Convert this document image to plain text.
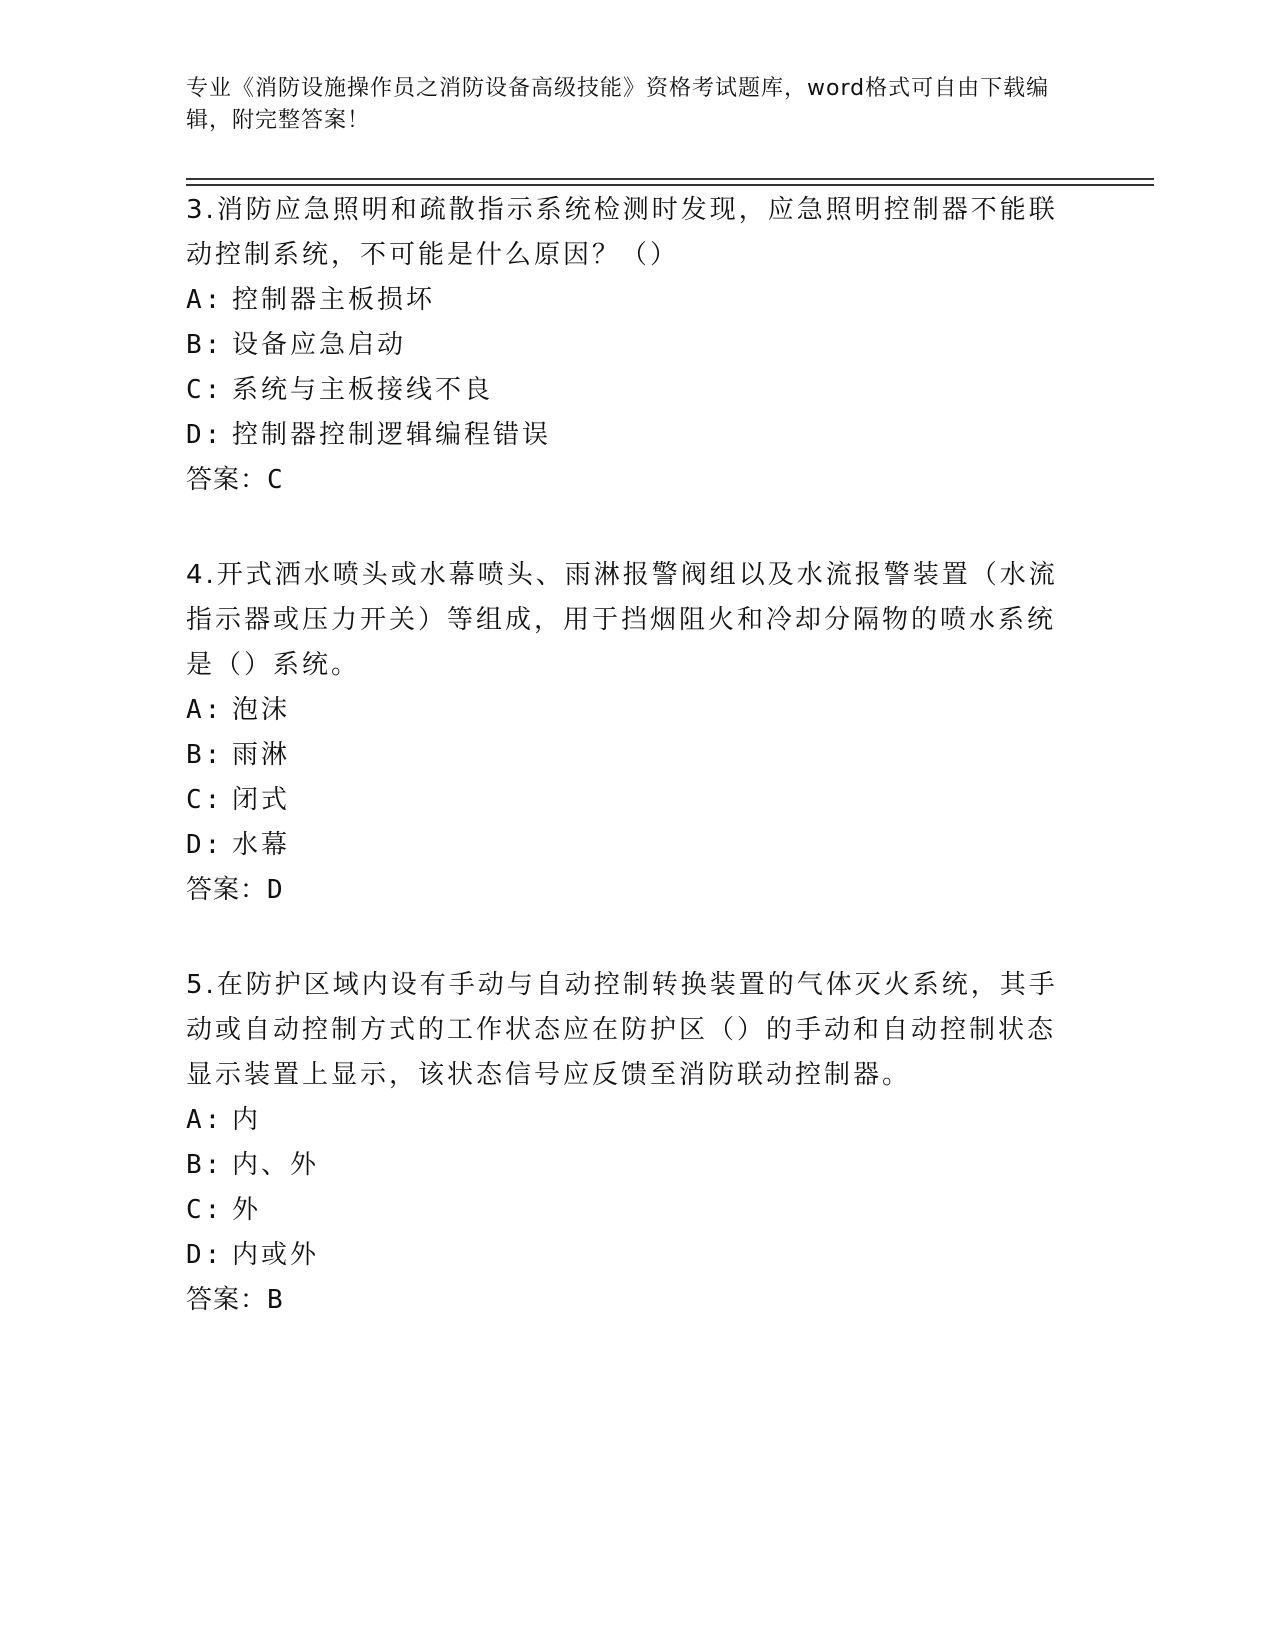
专业《消防设施操作员之消防设备高级技能》资格考试题库，word格式可自由下载编辑，附完整答案！

3.消防应急照明和疏散指示系统检测时发现，应急照明控制器不能联动控制系统，不可能是什么原因？（）

A: 控制器主板损坏
B: 设备应急启动
C: 系统与主板接线不良
D: 控制器控制逻辑编程错误
答案：C

4.开式洒水喷头或水幕喷头、雨淋报警阀组以及水流报警装置（水流指示器或压力开关）等组成，用于挡烟阻火和冷却分隔物的喷水系统是（）系统。

A: 泡沫
B: 雨淋
C: 闭式
D: 水幕
答案：D

5.在防护区域内设有手动与自动控制转换装置的气体灭火系统，其手动或自动控制方式的工作状态应在防护区（）的手动和自动控制状态显示装置上显示，该状态信号应反馈至消防联动控制器。

A: 内
B: 内、外
C: 外
D: 内或外
答案：B
